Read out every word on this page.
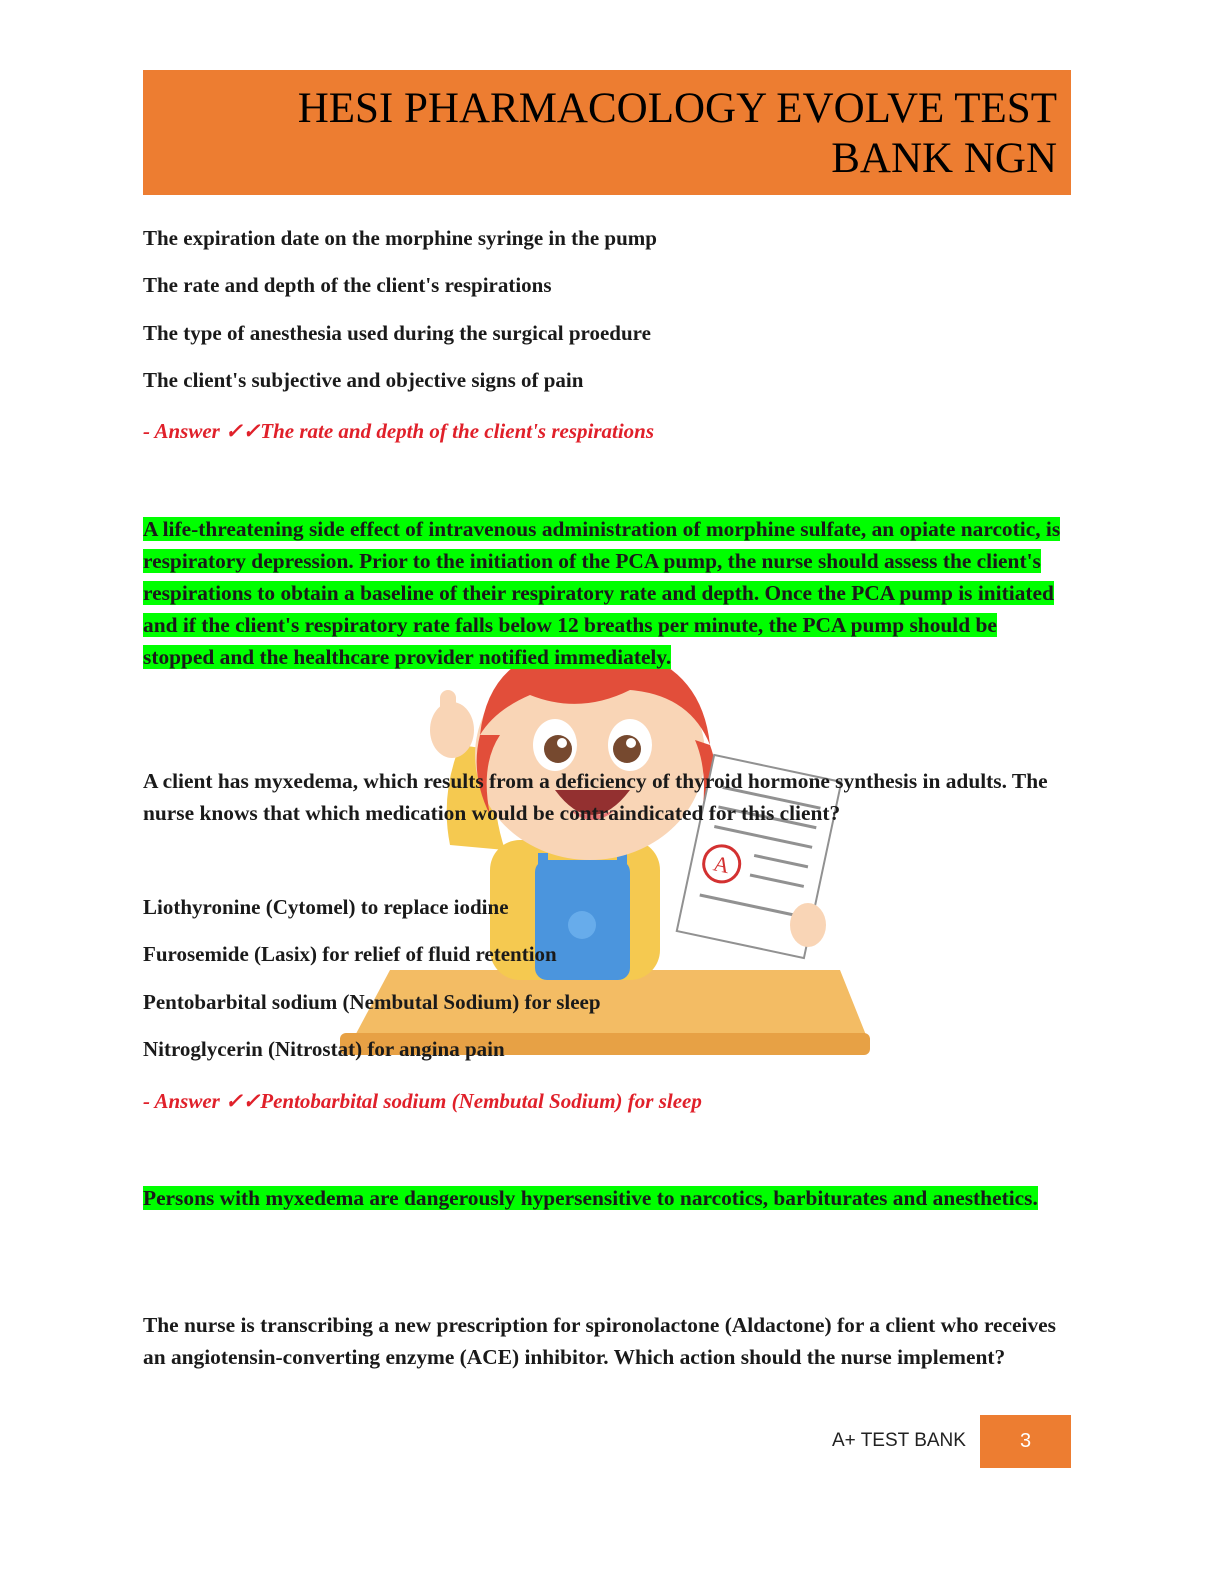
HESI PHARMACOLOGY EVOLVE TEST BANK NGN
The expiration date on the morphine syringe in the pump
The rate and depth of the client's respirations
The type of anesthesia used during the surgical proedure
The client's subjective and objective signs of pain
- Answer ✓✓The rate and depth of the client's respirations
A life-threatening side effect of intravenous administration of morphine sulfate, an opiate narcotic, is respiratory depression. Prior to the initiation of the PCA pump, the nurse should assess the client's respirations to obtain a baseline of their respiratory rate and depth. Once the PCA pump is initiated and if the client's respiratory rate falls below 12 breaths per minute, the PCA pump should be stopped and the healthcare provider notified immediately.
A
A client has myxedema, which results from a deficiency of thyroid hormone synthesis in adults. The nurse knows that which medication would be contraindicated for this client?
Liothyronine (Cytomel) to replace iodine
Furosemide (Lasix) for relief of fluid retention
Pentobarbital sodium (Nembutal Sodium) for sleep
Nitroglycerin (Nitrostat) for angina pain
- Answer ✓✓Pentobarbital sodium (Nembutal Sodium) for sleep
Persons with myxedema are dangerously hypersensitive to narcotics, barbiturates and anesthetics.
The nurse is transcribing a new prescription for spironolactone (Aldactone) for a client who receives an angiotensin-converting enzyme (ACE) inhibitor. Which action should the nurse implement?
A+ TEST BANK	3
